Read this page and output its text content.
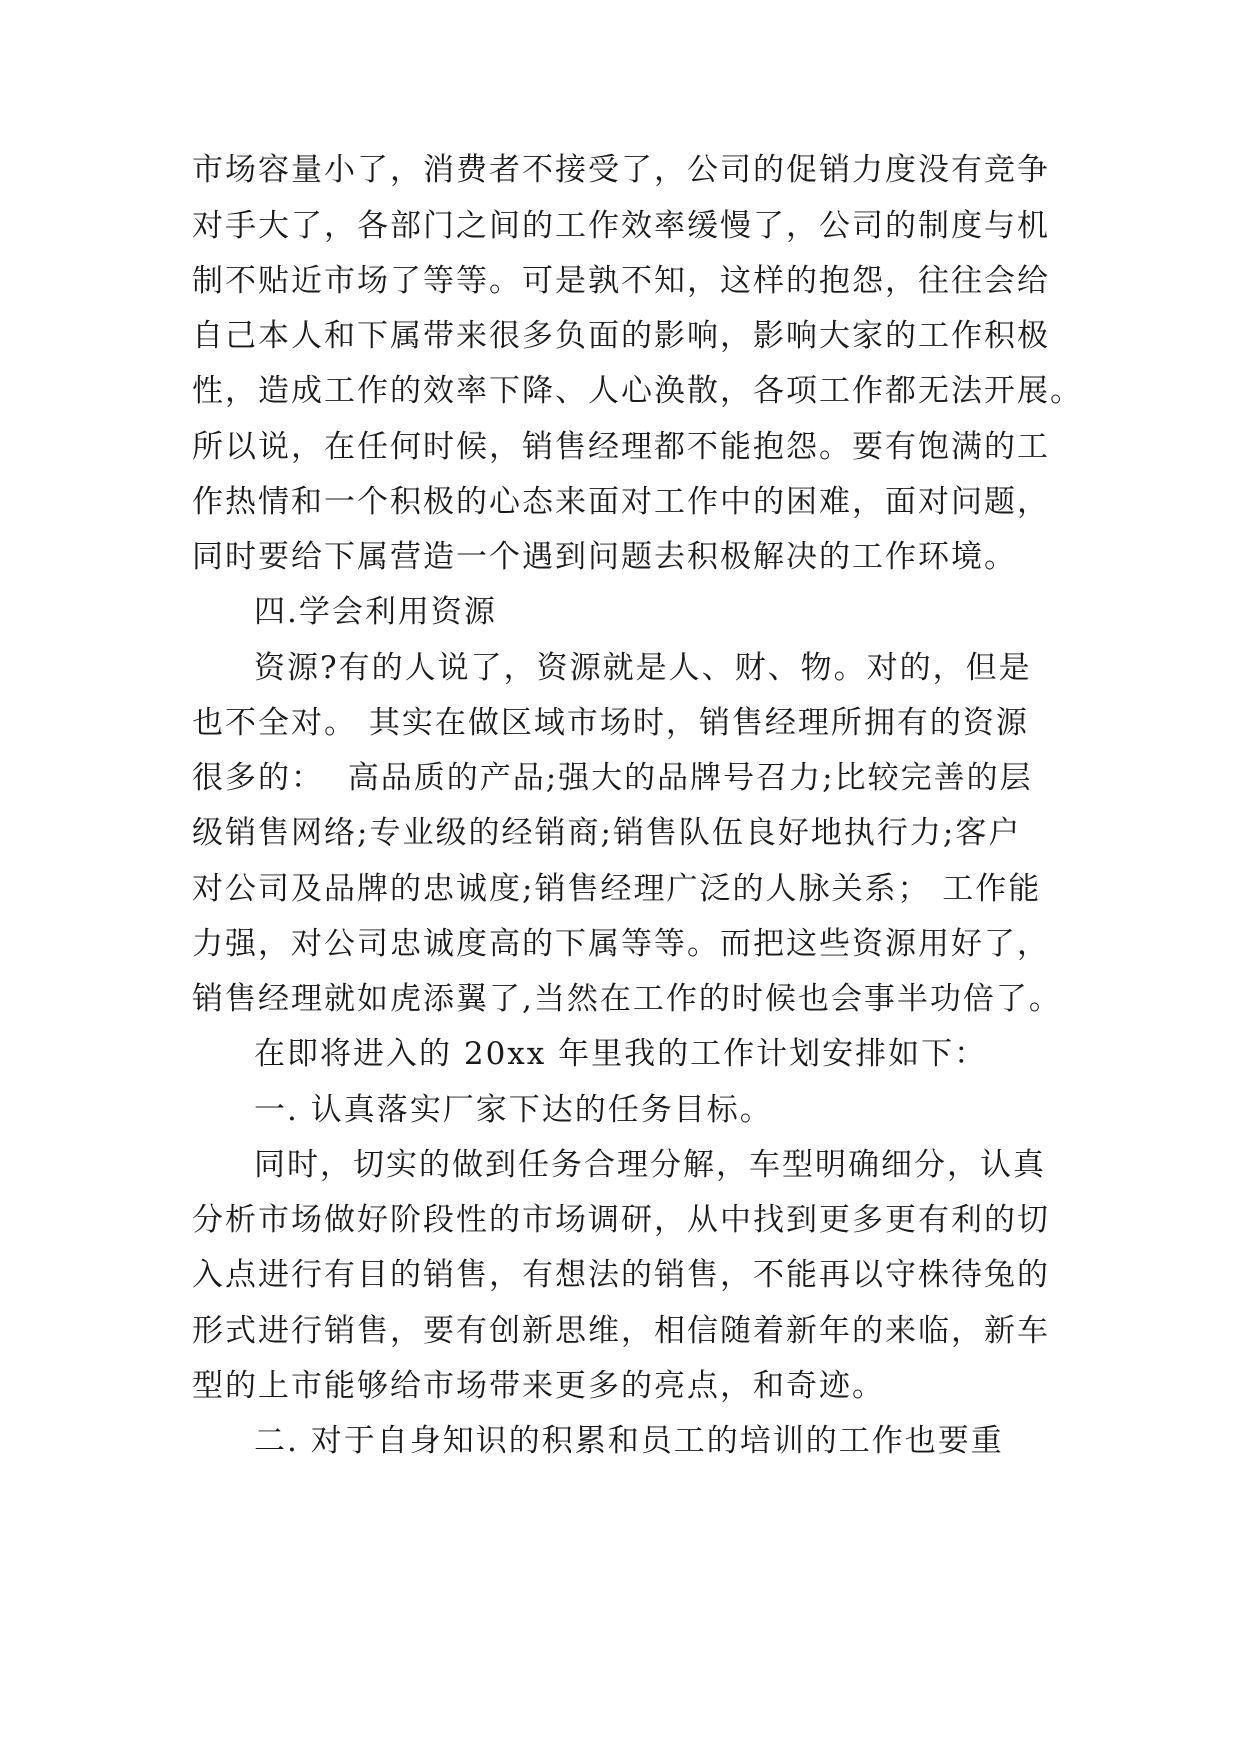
市场容量小了，消费者不接受了，公司的促销力度没有竞争
对手大了，各部门之间的工作效率缓慢了，公司的制度与机
制不贴近市场了等等。可是孰不知，这样的抱怨，往往会给
自己本人和下属带来很多负面的影响，影响大家的工作积极
性，造成工作的效率下降、人心涣散，各项工作都无法开展。
所以说，在任何时候，销售经理都不能抱怨。要有饱满的工
作热情和一个积极的心态来面对工作中的困难，面对问题，
同时要给下属营造一个遇到问题去积极解决的工作环境。
四.学会利用资源
资源?有的人说了，资源就是人、财、物。对的，但是
也不全对。 其实在做区域市场时，销售经理所拥有的资源
很多的：  高品质的产品;强大的品牌号召力;比较完善的层
级销售网络;专业级的经销商;销售队伍良好地执行力;客户
对公司及品牌的忠诚度;销售经理广泛的人脉关系； 工作能
力强，对公司忠诚度高的下属等等。而把这些资源用好了，
销售经理就如虎添翼了,当然在工作的时候也会事半功倍了。
在即将进入的 20xx 年里我的工作计划安排如下：
一. 认真落实厂家下达的任务目标。
同时，切实的做到任务合理分解，车型明确细分，认真
分析市场做好阶段性的市场调研，从中找到更多更有利的切
入点进行有目的销售，有想法的销售，不能再以守株待兔的
形式进行销售，要有创新思维，相信随着新年的来临，新车
型的上市能够给市场带来更多的亮点，和奇迹。
二. 对于自身知识的积累和员工的培训的工作也要重
